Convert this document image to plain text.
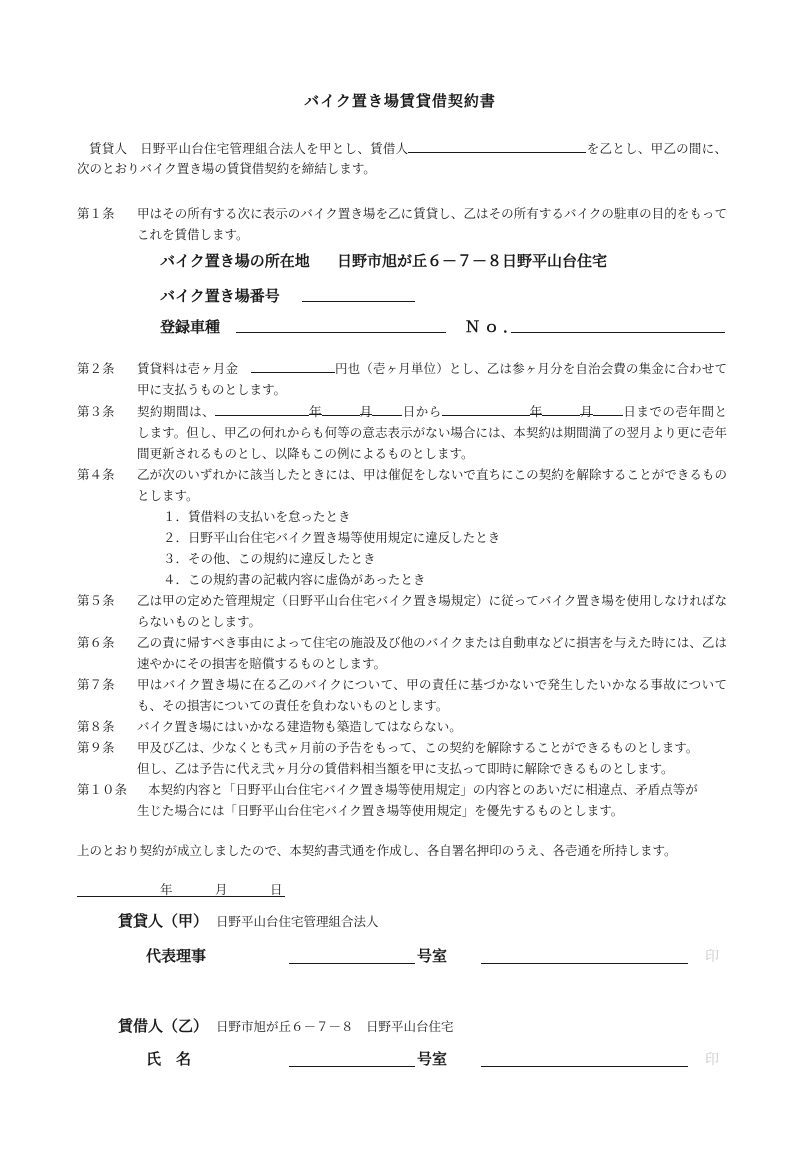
バイク置き場賃貸借契約書
賃貸人　日野平山台住宅管理組合法人を甲とし、賃借人	を乙とし、甲乙の間に、次のとおりバイク置き場の賃貸借契約を締結します。
第１条 甲はその所有する次に表示のバイク置き場を乙に賃貸し、乙はその所有するバイクの駐車の目的をもってこれを賃借します。
バイク置き場の所在地 日野市旭が丘６－７－８日野平山台住宅
バイク置き場番号
登録車種	Ｎｏ．
第２条 賃貸料は壱ヶ月金　	円也（壱ヶ月単位）とし、乙は参ヶ月分を自治会費の集金に合わせて甲に支払うものとします。
第３条 契約期間は、	年	月 日から	年	月 日までの壱年間とします。但し、甲乙の何れからも何等の意志表示がない場合には、本契約は期間満了の翌月より更に壱年間更新されるものとし、以降もこの例によるものとします。
第４条 乙が次のいずれかに該当したときには、甲は催促をしないで直ちにこの契約を解除することができるものとします。
１．賃借料の支払いを怠ったとき
２．日野平山台住宅バイク置き場等使用規定に違反したとき
３．その他、この規約に違反したとき
４．この規約書の記載内容に虚偽があったとき
第５条 乙は甲の定めた管理規定（日野平山台住宅バイク置き場規定）に従ってバイク置き場を使用しなければならないものとします。
第６条 乙の責に帰すべき事由によって住宅の施設及び他のバイクまたは自動車などに損害を与えた時には、乙は速やかにその損害を賠償するものとします。
第７条 甲はバイク置き場に在る乙のバイクについて、甲の責任に基づかないで発生したいかなる事故についても、その損害についての責任を負わないものとします。
第８条 バイク置き場にはいかなる建造物も築造してはならない。
第９条 甲及び乙は、少なくとも弐ヶ月前の予告をもって、この契約を解除することができるものとします。
但し、乙は予告に代え弐ヶ月分の賃借料相当額を甲に支払って即時に解除できるものとします。
第１０条 本契約内容と「日野平山台住宅バイク置き場等使用規定」の内容とのあいだに相違点、矛盾点等が
生じた場合には「日野平山台住宅バイク置き場等使用規定」を優先するものとします。
上のとおり契約が成立しましたので、本契約書弐通を作成し、各自署名押印のうえ、各壱通を所持します。
年	月	日
賃貸人（甲） 日野平山台住宅管理組合法人
代表理事	号室	印
賃借人（乙） 日野市旭が丘６－７－８　日野平山台住宅
氏　名	号室	印
